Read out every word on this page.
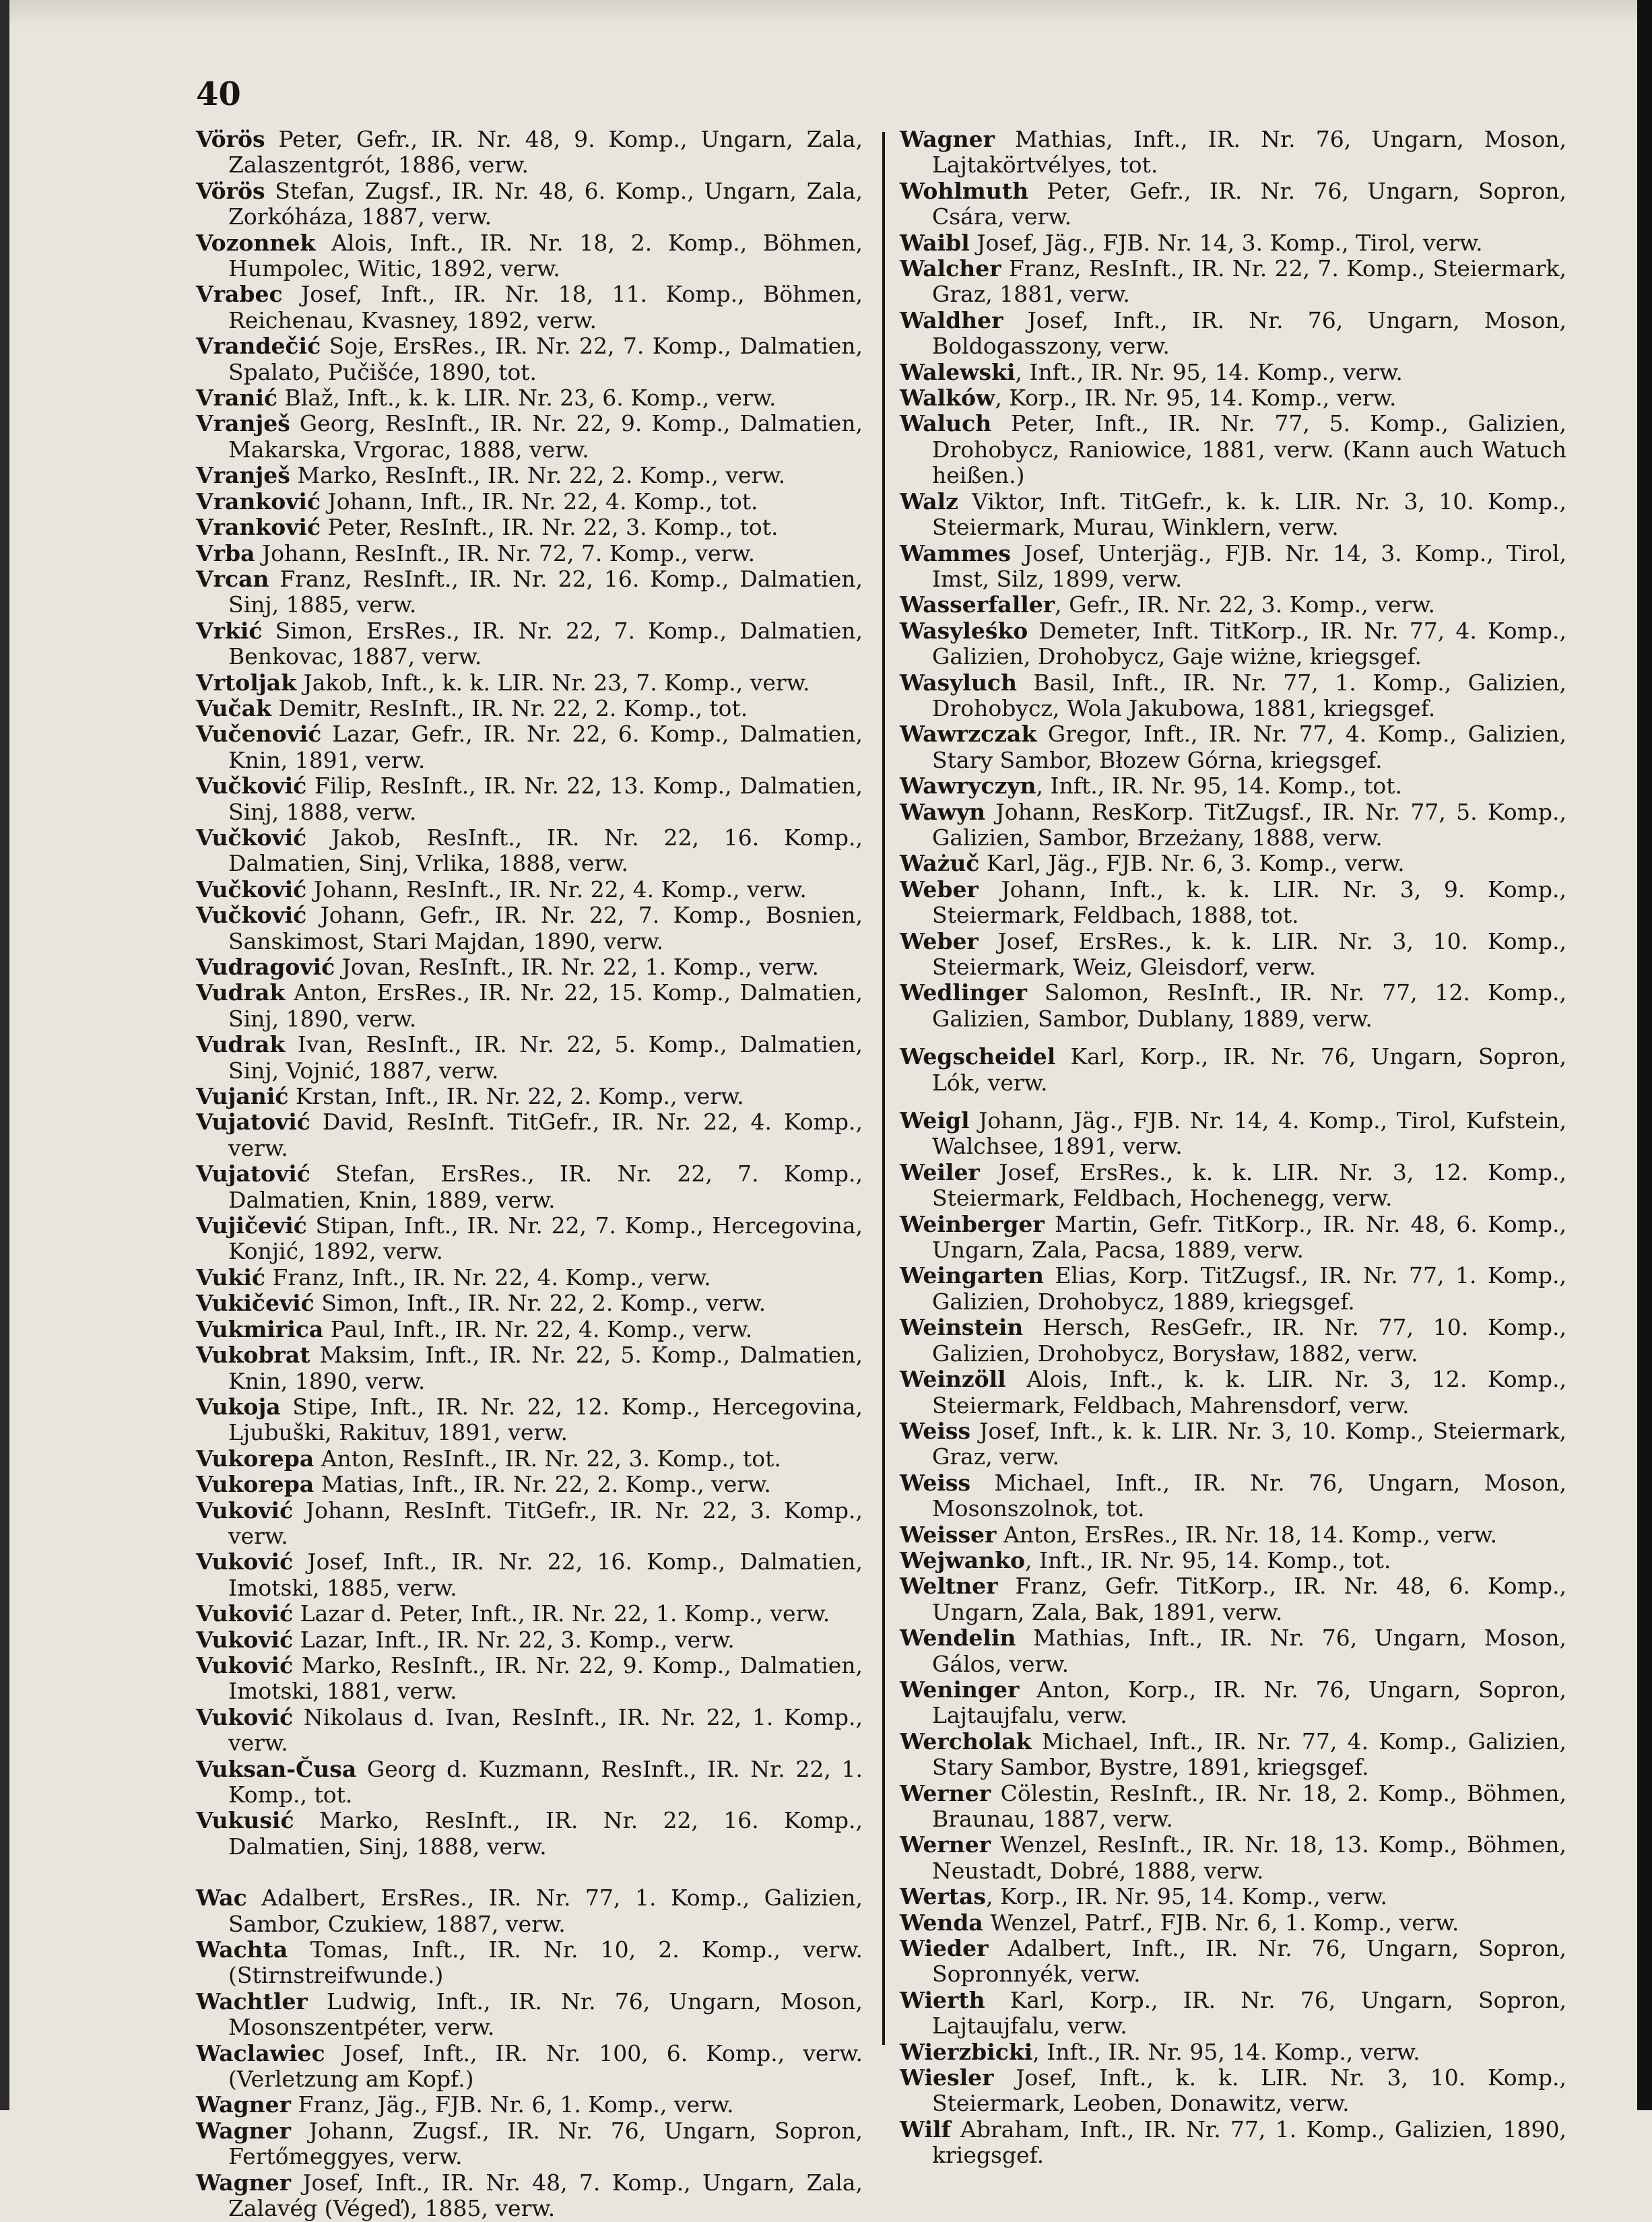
40

Vörös Peter, Gefr., IR. Nr. 48, 9. Komp., Ungarn, Zala, Zalaszentgrót, 1886, verw.

Vörös Stefan, Zugsf., IR. Nr. 48, 6. Komp., Ungarn, Zala, Zorkóháza, 1887, verw.

Vozonnek Alois, Inft., IR. Nr. 18, 2. Komp., Böhmen, Humpolec, Witic, 1892, verw.

Vrabec Josef, Inft., IR. Nr. 18, 11. Komp., Böhmen, Reichenau, Kvasney, 1892, verw.

Vrandečić Soje, ErsRes., IR. Nr. 22, 7. Komp., Dalmatien, Spalato, Pučišće, 1890, tot.

Vranić Blaž, Inft., k. k. LIR. Nr. 23, 6. Komp., verw.

Vranješ Georg, ResInft., IR. Nr. 22, 9. Komp., Dalmatien, Makarska, Vrgorac, 1888, verw.

Vranješ Marko, ResInft., IR. Nr. 22, 2. Komp., verw.

Vranković Johann, Inft., IR. Nr. 22, 4. Komp., tot.

Vranković Peter, ResInft., IR. Nr. 22, 3. Komp., tot.

Vrba Johann, ResInft., IR. Nr. 72, 7. Komp., verw.

Vrcan Franz, ResInft., IR. Nr. 22, 16. Komp., Dalmatien, Sinj, 1885, verw.

Vrkić Simon, ErsRes., IR. Nr. 22, 7. Komp., Dalmatien, Benkovac, 1887, verw.

Vrtoljak Jakob, Inft., k. k. LIR. Nr. 23, 7. Komp., verw.

Vučak Demitr, ResInft., IR. Nr. 22, 2. Komp., tot.

Vučenović Lazar, Gefr., IR. Nr. 22, 6. Komp., Dalmatien, Knin, 1891, verw.

Vučković Filip, ResInft., IR. Nr. 22, 13. Komp., Dalmatien, Sinj, 1888, verw.

Vučković Jakob, ResInft., IR. Nr. 22, 16. Komp., Dalmatien, Sinj, Vrlika, 1888, verw.

Vučković Johann, ResInft., IR. Nr. 22, 4. Komp., verw.

Vučković Johann, Gefr., IR. Nr. 22, 7. Komp., Bosnien, Sanskimost, Stari Majdan, 1890, verw.

Vudragović Jovan, ResInft., IR. Nr. 22, 1. Komp., verw.

Vudrak Anton, ErsRes., IR. Nr. 22, 15. Komp., Dalmatien, Sinj, 1890, verw.

Vudrak Ivan, ResInft., IR. Nr. 22, 5. Komp., Dalmatien, Sinj, Vojnić, 1887, verw.

Vujanić Krstan, Inft., IR. Nr. 22, 2. Komp., verw.

Vujatović David, ResInft. TitGefr., IR. Nr. 22, 4. Komp., verw.

Vujatović Stefan, ErsRes., IR. Nr. 22, 7. Komp., Dalmatien, Knin, 1889, verw.

Vujičević Stipan, Inft., IR. Nr. 22, 7. Komp., Hercegovina, Konjić, 1892, verw.

Vukić Franz, Inft., IR. Nr. 22, 4. Komp., verw.

Vukičević Simon, Inft., IR. Nr. 22, 2. Komp., verw.

Vukmirica Paul, Inft., IR. Nr. 22, 4. Komp., verw.

Vukobrat Maksim, Inft., IR. Nr. 22, 5. Komp., Dalmatien, Knin, 1890, verw.

Vukoja Stipe, Inft., IR. Nr. 22, 12. Komp., Hercegovina, Ljubuški, Rakituv, 1891, verw.

Vukorepa Anton, ResInft., IR. Nr. 22, 3. Komp., tot.

Vukorepa Matias, Inft., IR. Nr. 22, 2. Komp., verw.

Vuković Johann, ResInft. TitGefr., IR. Nr. 22, 3. Komp., verw.

Vuković Josef, Inft., IR. Nr. 22, 16. Komp., Dalmatien, Imotski, 1885, verw.

Vuković Lazar d. Peter, Inft., IR. Nr. 22, 1. Komp., verw.

Vuković Lazar, Inft., IR. Nr. 22, 3. Komp., verw.

Vuković Marko, ResInft., IR. Nr. 22, 9. Komp., Dalmatien, Imotski, 1881, verw.

Vuković Nikolaus d. Ivan, ResInft., IR. Nr. 22, 1. Komp., verw.

Vuksan-Čusa Georg d. Kuzmann, ResInft., IR. Nr. 22, 1. Komp., tot.

Vukusić Marko, ResInft., IR. Nr. 22, 16. Komp., Dalmatien, Sinj, 1888, verw.

Wac Adalbert, ErsRes., IR. Nr. 77, 1. Komp., Galizien, Sambor, Czukiew, 1887, verw.

Wachta Tomas, Inft., IR. Nr. 10, 2. Komp., verw. (Stirnstreifwunde.)

Wachtler Ludwig, Inft., IR. Nr. 76, Ungarn, Moson, Mosonszentpéter, verw.

Waclawiec Josef, Inft., IR. Nr. 100, 6. Komp., verw. (Verletzung am Kopf.)

Wagner Franz, Jäg., FJB. Nr. 6, 1. Komp., verw.

Wagner Johann, Zugsf., IR. Nr. 76, Ungarn, Sopron, Fertőmeggyes, verw.

Wagner Josef, Inft., IR. Nr. 48, 7. Komp., Ungarn, Zala, Zalavég (Végeď), 1885, verw.

Wagner Mathias, Inft., IR. Nr. 76, Ungarn, Moson, Lajtakörtvélyes, tot.

Wohlmuth Peter, Gefr., IR. Nr. 76, Ungarn, Sopron, Csára, verw.

Waibl Josef, Jäg., FJB. Nr. 14, 3. Komp., Tirol, verw.

Walcher Franz, ResInft., IR. Nr. 22, 7. Komp., Steiermark, Graz, 1881, verw.

Waldher Josef, Inft., IR. Nr. 76, Ungarn, Moson, Boldogasszony, verw.

Walewski, Inft., IR. Nr. 95, 14. Komp., verw.

Walków, Korp., IR. Nr. 95, 14. Komp., verw.

Waluch Peter, Inft., IR. Nr. 77, 5. Komp., Galizien, Drohobycz, Raniowice, 1881, verw. (Kann auch Watuch heißen.)

Walz Viktor, Inft. TitGefr., k. k. LIR. Nr. 3, 10. Komp., Steiermark, Murau, Winklern, verw.

Wammes Josef, Unterjäg., FJB. Nr. 14, 3. Komp., Tirol, Imst, Silz, 1899, verw.

Wasserfaller, Gefr., IR. Nr. 22, 3. Komp., verw.

Wasyleśko Demeter, Inft. TitKorp., IR. Nr. 77, 4. Komp., Galizien, Drohobycz, Gaje wiżne, kriegsgef.

Wasyluch Basil, Inft., IR. Nr. 77, 1. Komp., Galizien, Drohobycz, Wola Jakubowa, 1881, kriegsgef.

Wawrzczak Gregor, Inft., IR. Nr. 77, 4. Komp., Galizien, Stary Sambor, Błozew Górna, kriegsgef.

Wawryczyn, Inft., IR. Nr. 95, 14. Komp., tot.

Wawyn Johann, ResKorp. TitZugsf., IR. Nr. 77, 5. Komp., Galizien, Sambor, Brzeżany, 1888, verw.

Ważuč Karl, Jäg., FJB. Nr. 6, 3. Komp., verw.

Weber Johann, Inft., k. k. LIR. Nr. 3, 9. Komp., Steiermark, Feldbach, 1888, tot.

Weber Josef, ErsRes., k. k. LIR. Nr. 3, 10. Komp., Steiermark, Weiz, Gleisdorf, verw.

Wedlinger Salomon, ResInft., IR. Nr. 77, 12. Komp., Galizien, Sambor, Dublany, 1889, verw.

Wegscheidel Karl, Korp., IR. Nr. 76, Ungarn, Sopron, Lók, verw.

Weigl Johann, Jäg., FJB. Nr. 14, 4. Komp., Tirol, Kufstein, Walchsee, 1891, verw.

Weiler Josef, ErsRes., k. k. LIR. Nr. 3, 12. Komp., Steiermark, Feldbach, Hochenegg, verw.

Weinberger Martin, Gefr. TitKorp., IR. Nr. 48, 6. Komp., Ungarn, Zala, Pacsa, 1889, verw.

Weingarten Elias, Korp. TitZugsf., IR. Nr. 77, 1. Komp., Galizien, Drohobycz, 1889, kriegsgef.

Weinstein Hersch, ResGefr., IR. Nr. 77, 10. Komp., Galizien, Drohobycz, Borysław, 1882, verw.

Weinzöll Alois, Inft., k. k. LIR. Nr. 3, 12. Komp., Steiermark, Feldbach, Mahrensdorf, verw.

Weiss Josef, Inft., k. k. LIR. Nr. 3, 10. Komp., Steiermark, Graz, verw.

Weiss Michael, Inft., IR. Nr. 76, Ungarn, Moson, Mosonszolnok, tot.

Weisser Anton, ErsRes., IR. Nr. 18, 14. Komp., verw.

Wejwanko, Inft., IR. Nr. 95, 14. Komp., tot.

Weltner Franz, Gefr. TitKorp., IR. Nr. 48, 6. Komp., Ungarn, Zala, Bak, 1891, verw.

Wendelin Mathias, Inft., IR. Nr. 76, Ungarn, Moson, Gálos, verw.

Weninger Anton, Korp., IR. Nr. 76, Ungarn, Sopron, Lajtaujfalu, verw.

Wercholak Michael, Inft., IR. Nr. 77, 4. Komp., Galizien, Stary Sambor, Bystre, 1891, kriegsgef.

Werner Cölestin, ResInft., IR. Nr. 18, 2. Komp., Böhmen, Braunau, 1887, verw.

Werner Wenzel, ResInft., IR. Nr. 18, 13. Komp., Böhmen, Neustadt, Dobré, 1888, verw.

Wertas, Korp., IR. Nr. 95, 14. Komp., verw.

Wenda Wenzel, Patrf., FJB. Nr. 6, 1. Komp., verw.

Wieder Adalbert, Inft., IR. Nr. 76, Ungarn, Sopron, Sopronnyék, verw.

Wierth Karl, Korp., IR. Nr. 76, Ungarn, Sopron, Lajtaujfalu, verw.

Wierzbicki, Inft., IR. Nr. 95, 14. Komp., verw.

Wiesler Josef, Inft., k. k. LIR. Nr. 3, 10. Komp., Steiermark, Leoben, Donawitz, verw.

Wilf Abraham, Inft., IR. Nr. 77, 1. Komp., Galizien, 1890, kriegsgef.
